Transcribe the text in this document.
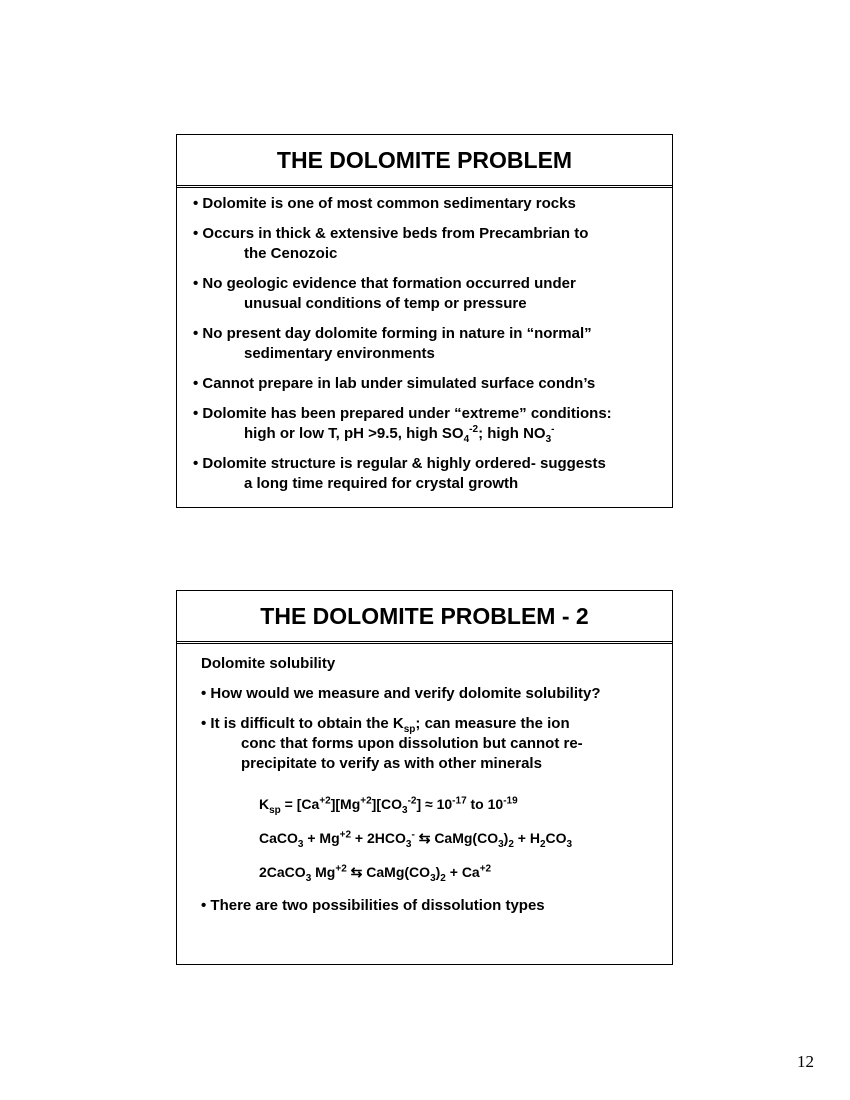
THE DOLOMITE PROBLEM
• Dolomite is one of most common sedimentary rocks
• Occurs in thick & extensive beds from Precambrian to
the Cenozoic
• No geologic evidence that formation occurred under
unusual conditions of temp or pressure
• No present day dolomite forming in nature in “normal”
sedimentary environments
• Cannot prepare in lab under simulated surface condn’s
• Dolomite has been prepared under “extreme” conditions:
high or low T, pH >9.5, high $SO_4^{-2}$; high $NO_3^-$
• Dolomite structure is regular & highly ordered- suggests
a long time required for crystal growth
THE DOLOMITE PROBLEM - 2
Dolomite solubility
• How would we measure and verify dolomite solubility?
• It is difficult to obtain the $K_{sp}$; can measure the ion
conc that forms upon dissolution but cannot re-
precipitate to verify as with other minerals
$K_{sp} = [Ca^{+2}][Mg^{+2}][CO_3^{-2}] \approx 10^{-17}$ to $10^{-19}$
CaCO$_3$ + $Mg^{+2} + 2HCO_3^-$ ⇆ $CaMg(CO_3)_2 + H_2CO_3$
2CaCO$_3$ $Mg^{+2}$ ⇆ $CaMg(CO_3)_2 + Ca^{+2}$
• There are two possibilities of dissolution types
12
